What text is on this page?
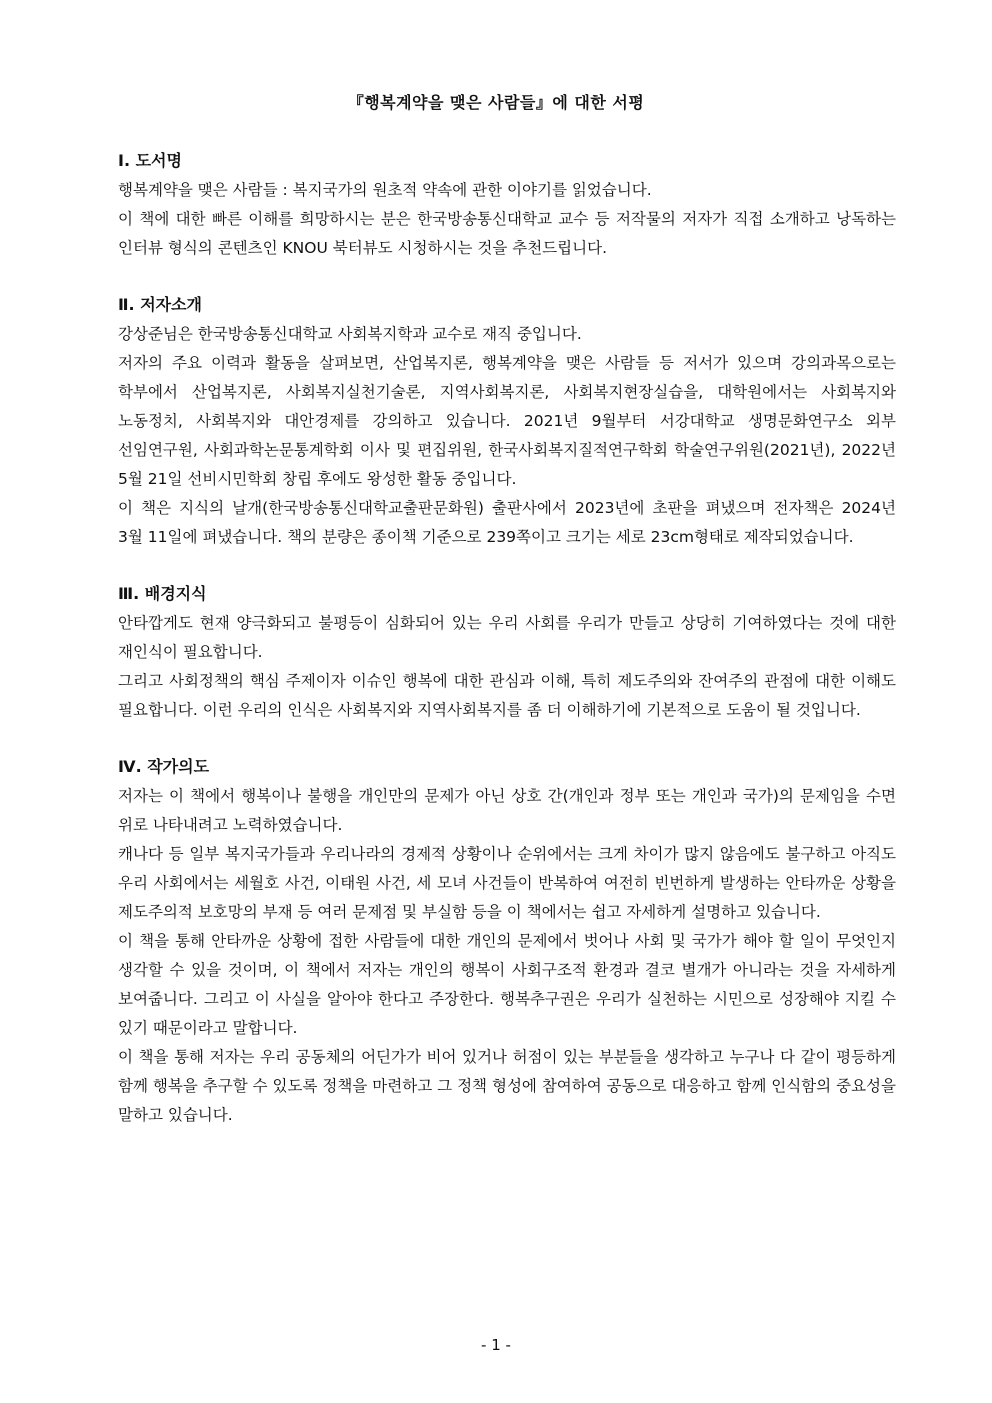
『행복계약을 맺은 사람들』에 대한 서평
Ⅰ. 도서명

행복계약을 맺은 사람들 : 복지국가의 원초적 약속에 관한 이야기를 읽었습니다.

이 책에 대한 빠른 이해를 희망하시는 분은 한국방송통신대학교 교수 등 저작물의 저자가 직접 소개하고 낭독하는 인터뷰 형식의 콘텐츠인 KNOU 북터뷰도 시청하시는 것을 추천드립니다.

Ⅱ. 저자소개

강상준님은 한국방송통신대학교 사회복지학과 교수로 재직 중입니다.

저자의 주요 이력과 활동을 살펴보면, 산업복지론, 행복계약을 맺은 사람들 등 저서가 있으며 강의과목으로는 학부에서 산업복지론, 사회복지실천기술론, 지역사회복지론, 사회복지현장실습을, 대학원에서는 사회복지와 노동정치, 사회복지와 대안경제를 강의하고 있습니다. 2021년 9월부터 서강대학교 생명문화연구소 외부 선임연구원, 사회과학논문통계학회 이사 및 편집위원, 한국사회복지질적연구학회 학술연구위원(2021년), 2022년 5월 21일 선비시민학회 창립 후에도 왕성한 활동 중입니다.

이 책은 지식의 날개(한국방송통신대학교출판문화원) 출판사에서 2023년에 초판을 펴냈으며 전자책은 2024년 3월 11일에 펴냈습니다. 책의 분량은 종이책 기준으로 239쪽이고 크기는 세로 23cm형태로 제작되었습니다.

Ⅲ. 배경지식

안타깝게도 현재 양극화되고 불평등이 심화되어 있는 우리 사회를 우리가 만들고 상당히 기여하였다는 것에 대한 재인식이 필요합니다.

그리고 사회정책의 핵심 주제이자 이슈인 행복에 대한 관심과 이해, 특히 제도주의와 잔여주의 관점에 대한 이해도 필요합니다. 이런 우리의 인식은 사회복지와 지역사회복지를 좀 더 이해하기에 기본적으로 도움이 될 것입니다.

Ⅳ. 작가의도

저자는 이 책에서 행복이나 불행을 개인만의 문제가 아닌 상호 간(개인과 정부 또는 개인과 국가)의 문제임을 수면 위로 나타내려고 노력하였습니다.

캐나다 등 일부 복지국가들과 우리나라의 경제적 상황이나 순위에서는 크게 차이가 많지 않음에도 불구하고 아직도 우리 사회에서는 세월호 사건, 이태원 사건, 세 모녀 사건들이 반복하여 여전히 빈번하게 발생하는 안타까운 상황을 제도주의적 보호망의 부재 등 여러 문제점 및 부실함 등을 이 책에서는 쉽고 자세하게 설명하고 있습니다.

이 책을 통해 안타까운 상황에 접한 사람들에 대한 개인의 문제에서 벗어나 사회 및 국가가 해야 할 일이 무엇인지 생각할 수 있을 것이며, 이 책에서 저자는 개인의 행복이 사회구조적 환경과 결코 별개가 아니라는 것을 자세하게 보여줍니다. 그리고 이 사실을 알아야 한다고 주장한다. 행복추구권은 우리가 실천하는 시민으로 성장해야 지킬 수 있기 때문이라고 말합니다.

이 책을 통해 저자는 우리 공동체의 어딘가가 비어 있거나 허점이 있는 부분들을 생각하고 누구나 다 같이 평등하게 함께 행복을 추구할 수 있도록 정책을 마련하고 그 정책 형성에 참여하여 공동으로 대응하고 함께 인식함의 중요성을 말하고 있습니다.

- 1 -
